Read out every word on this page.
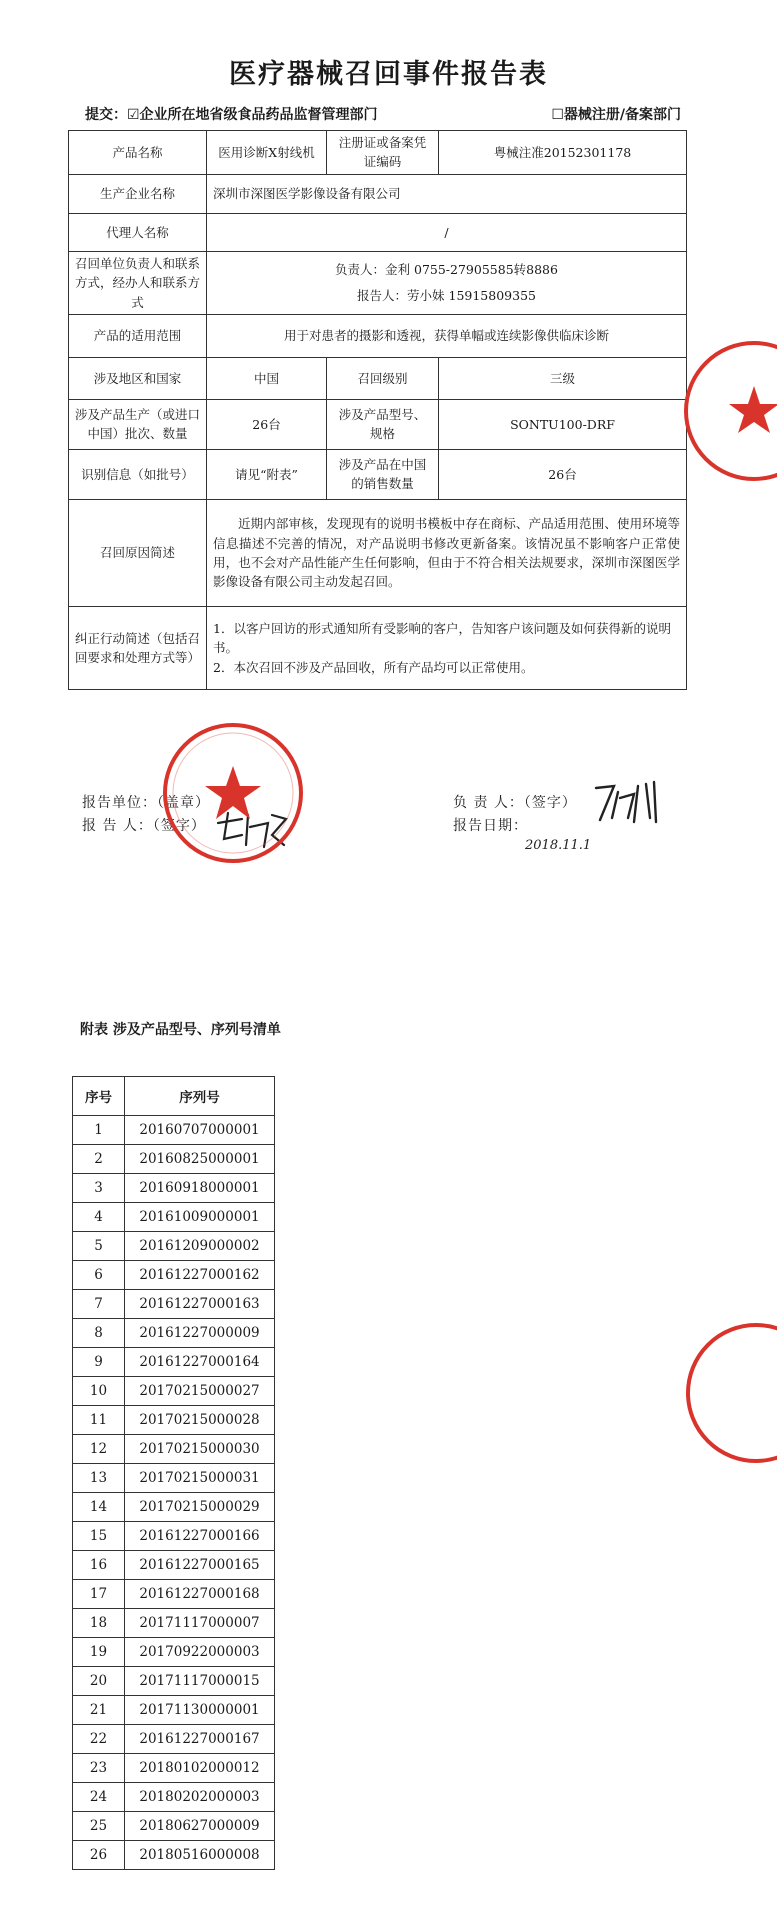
医疗器械召回事件报告表
提交：☑企业所在地省级食品药品监督管理部门	☐器械注册/备案部门
产品名称	医用诊断X射线机	注册证或备案凭证编码	粤械注准20152301178
生产企业名称	深圳市深图医学影像设备有限公司		
代理人名称	/		
召回单位负责人和联系方式，经办人和联系方式	负责人：金利 0755-27905585转8886
报告人：劳小妹 15915809355		

产品的适用范围	用于对患者的摄影和透视，获得单幅或连续影像供临床诊断		
涉及地区和国家	中国	召回级别	三级
涉及产品生产（或进口中国）批次、数量	26台	涉及产品型号、规格	SONTU100-DRF
识别信息（如批号）	请见“附表”	涉及产品在中国的销售数量	26台
召回原因简述	近期内部审核，发现现有的说明书模板中存在商标、产品适用范围、使用环境等信息描述不完善的情况，对产品说明书修改更新备案。该情况虽不影响客户正常使用，也不会对产品性能产生任何影响，但由于不符合相关法规要求，深圳市深图医学影像设备有限公司主动发起召回。		
纠正行动简述（包括召回要求和处理方式等）	1．以客户回访的形式通知所有受影响的客户，告知客户该问题及如何获得新的说明书。
2．本次召回不涉及产品回收，所有产品均可以正常使用。		
报告单位：（盖章）
报 告 人：（签字）
负 责 人：（签字）
报告日期：
2018.11.1
附表 涉及产品型号、序列号清单
序号	序列号
1	20160707000001
2	20160825000001
3	20160918000001
4	20161009000001
5	20161209000002
6	20161227000162
7	20161227000163
8	20161227000009
9	20161227000164
10	20170215000027
11	20170215000028
12	20170215000030
13	20170215000031
14	20170215000029
15	20161227000166
16	20161227000165
17	20161227000168
18	20171117000007
19	20170922000003
20	20171117000015
21	20171130000001
22	20161227000167
23	20180102000012
24	20180202000003
25	20180627000009
26	20180516000008
